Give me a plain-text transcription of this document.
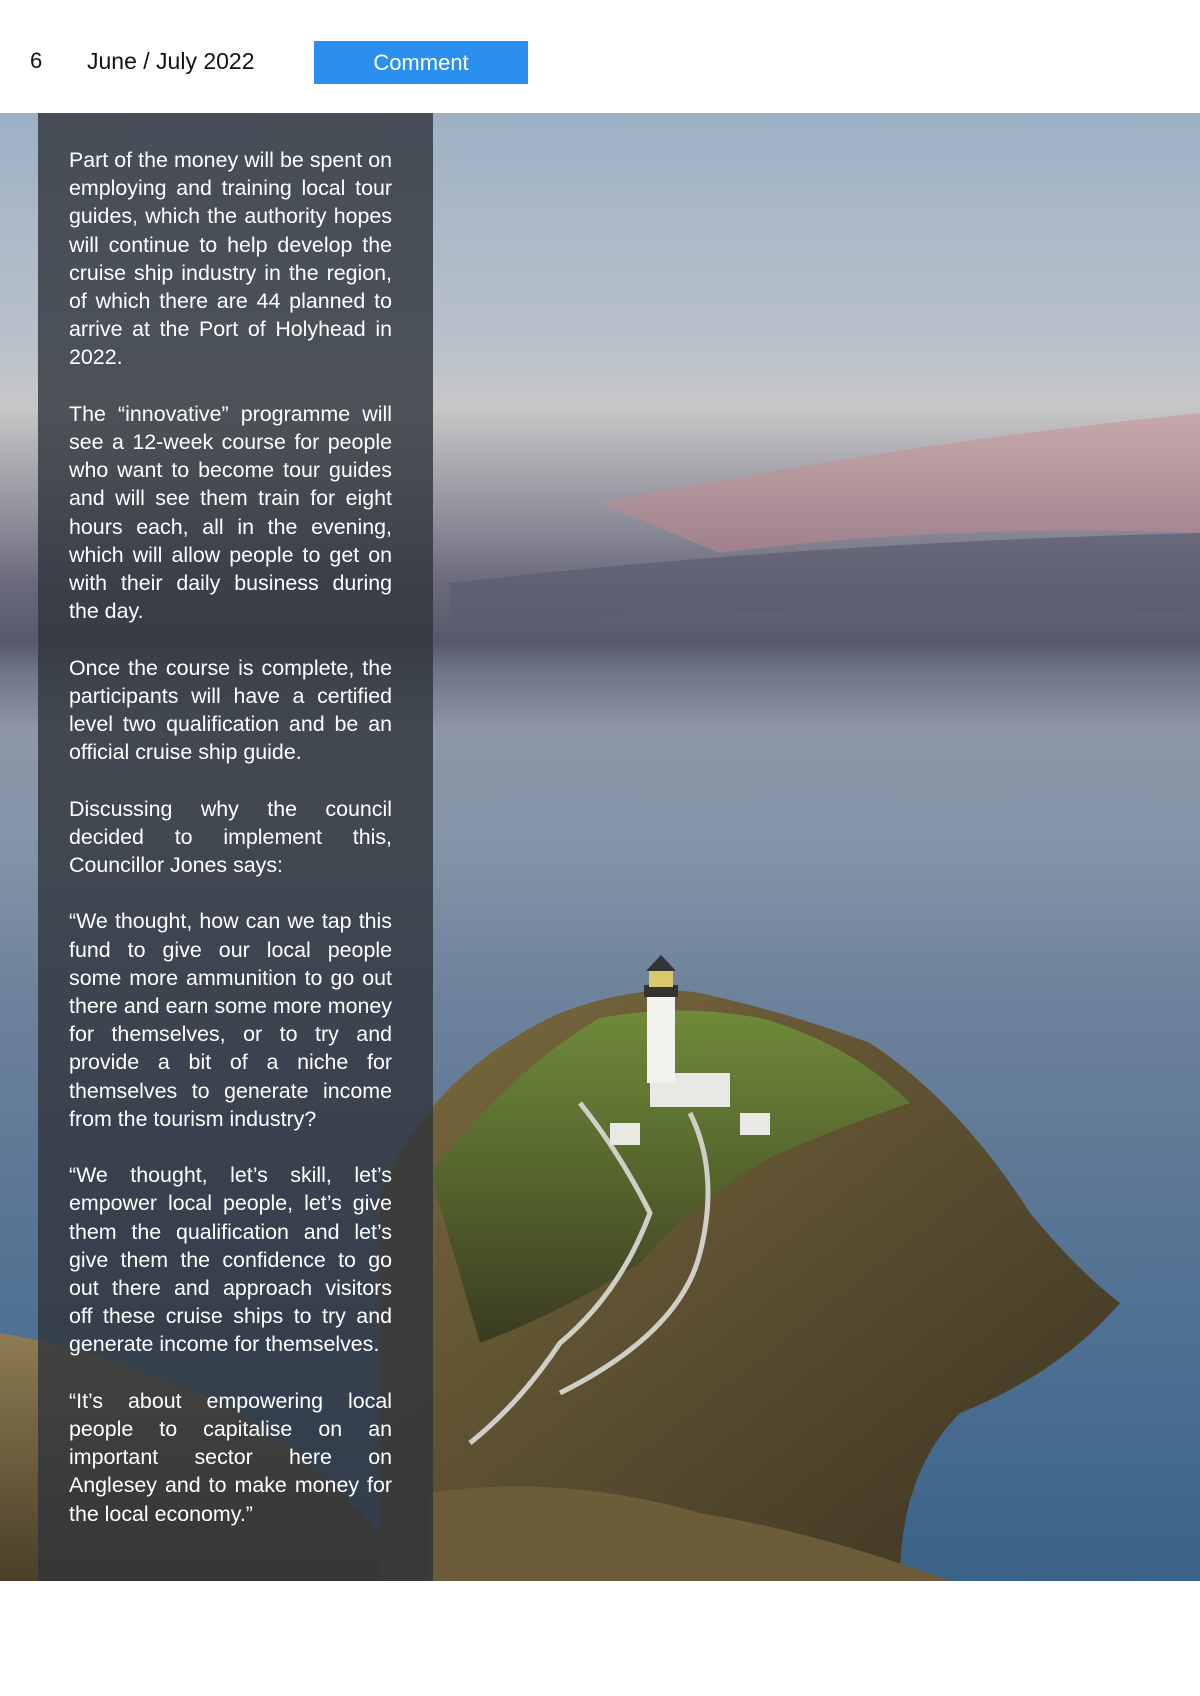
6 June / July 2022	Comment

Part of the money will be spent on employing and training local tour guides, which the authority hopes will continue to help develop the cruise ship industry in the region, of which there are 44 planned to arrive at the Port of Holyhead in 2022.

The “innovative” programme will see a 12-week course for people who want to become tour guides and will see them train for eight hours each, all in the evening, which will allow people to get on with their daily business during the day.

Once the course is complete, the participants will have a certified level two qualification and be an official cruise ship guide.

Discussing why the council decided to implement this, Councillor Jones says:

“We thought, how can we tap this fund to give our local people some more ammunition to go out there and earn some more money for themselves, or to try and provide a bit of a niche for themselves to generate income from the tourism industry?

“We thought, let’s skill, let’s empower local people, let’s give them the qualification and let’s give them the confidence to go out there and approach visitors off these cruise ships to try and generate income for themselves.

“It’s about empowering local people to capitalise on an important sector here on Anglesey and to make money for the local economy.”
